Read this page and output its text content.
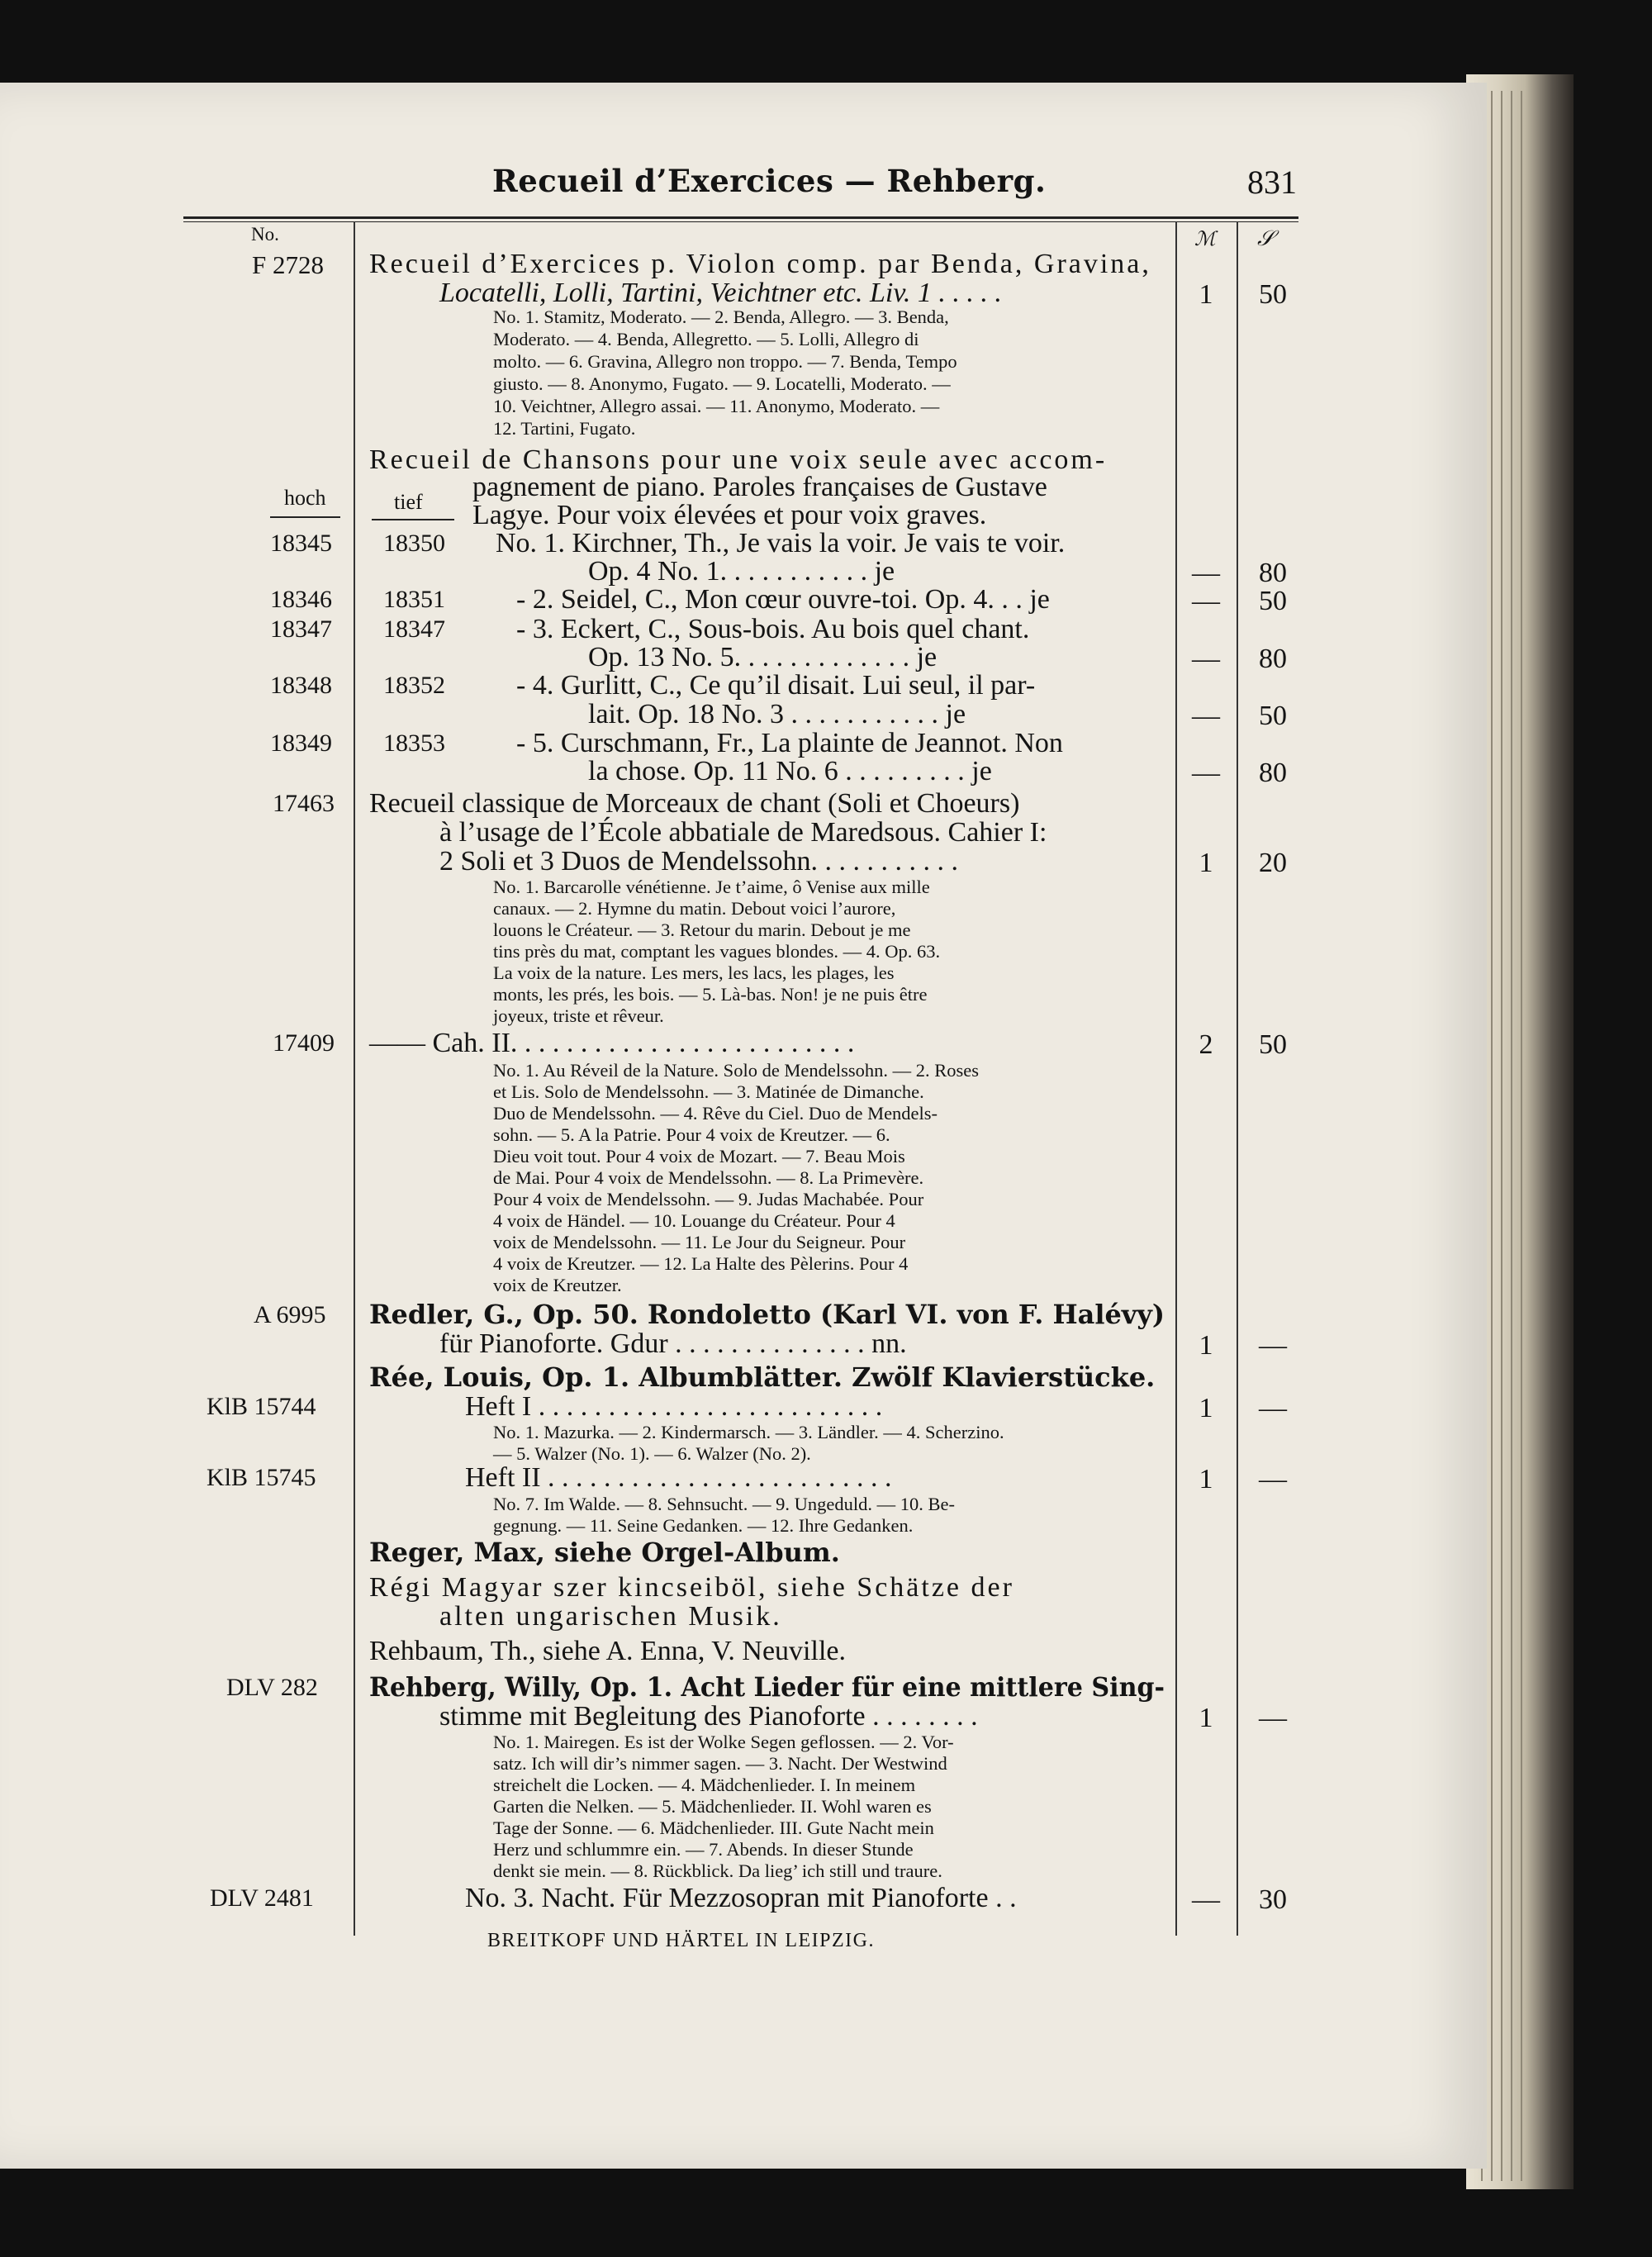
Recueil d’Exercices — Rehberg.	831
No.	ℳ 𝒮
F 2728 Recueil d’Exercices p. Violon comp. par Benda, Gravina,
Locatelli, Lolli, Tartini, Veichtner etc. Liv. 1 . . . . .	1	50
No. 1. Stamitz, Moderato. — 2. Benda, Allegro. — 3. Benda,
Moderato. — 4. Benda, Allegretto. — 5. Lolli, Allegro di
molto. — 6. Gravina, Allegro non troppo. — 7. Benda, Tempo
giusto. — 8. Anonymo, Fugato. — 9. Locatelli, Moderato. —
10. Veichtner, Allegro assai. — 11. Anonymo, Moderato. —
12. Tartini, Fugato.
Recueil de Chansons pour une voix seule avec accom-
pagnement de piano. Paroles françaises de Gustave
Lagye. Pour voix élevées et pour voix graves.
hoch	tief
18345 18350 No. 1. Kirchner, Th., Je vais la voir. Je vais te voir.
Op. 4 No. 1. . . . . . . . . . . je	—	80
18346 18351	- 2. Seidel, C., Mon cœur ouvre-toi. Op. 4. . . je	—	50
18347 18347	- 3. Eckert, C., Sous-bois. Au bois quel chant.
Op. 13 No. 5. . . . . . . . . . . . . je	—	80
18348 18352	- 4. Gurlitt, C., Ce qu’il disait. Lui seul, il par-
lait. Op. 18 No. 3 . . . . . . . . . . . je	—	50
18349 18353	- 5. Curschmann, Fr., La plainte de Jeannot. Non
la chose. Op. 11 No. 6 . . . . . . . . . je	—	80
17463 Recueil classique de Morceaux de chant (Soli et Choeurs)
à l’usage de l’École abbatiale de Maredsous. Cahier I:
2 Soli et 3 Duos de Mendelssohn. . . . . . . . . . .	1	20
No. 1. Barcarolle vénétienne. Je t’aime, ô Venise aux mille
canaux. — 2. Hymne du matin. Debout voici l’aurore,
louons le Créateur. — 3. Retour du marin. Debout je me
tins près du mat, comptant les vagues blondes. — 4. Op. 63.
La voix de la nature. Les mers, les lacs, les plages, les
monts, les prés, les bois. — 5. Là-bas. Non! je ne puis être
joyeux, triste et rêveur.
17409 —— Cah. II. . . . . . . . . . . . . . . . . . . . . . . . .	2	50
No. 1. Au Réveil de la Nature. Solo de Mendelssohn. — 2. Roses
et Lis. Solo de Mendelssohn. — 3. Matinée de Dimanche.
Duo de Mendelssohn. — 4. Rêve du Ciel. Duo de Mendels-
sohn. — 5. A la Patrie. Pour 4 voix de Kreutzer. — 6.
Dieu voit tout. Pour 4 voix de Mozart. — 7. Beau Mois
de Mai. Pour 4 voix de Mendelssohn. — 8. La Primevère.
Pour 4 voix de Mendelssohn. — 9. Judas Machabée. Pour
4 voix de Händel. — 10. Louange du Créateur. Pour 4
voix de Mendelssohn. — 11. Le Jour du Seigneur. Pour
4 voix de Kreutzer. — 12. La Halte des Pèlerins. Pour 4
voix de Kreutzer.
A 6995 Redler, G., Op. 50. Rondoletto (Karl VI. von F. Halévy)
für Pianoforte. Gdur . . . . . . . . . . . . . . nn.	1	—
Rée, Louis, Op. 1. Albumblätter. Zwölf Klavierstücke.
KlB 15744	Heft I . . . . . . . . . . . . . . . . . . . . . . . . .	1	—
No. 1. Mazurka. — 2. Kindermarsch. — 3. Ländler. — 4. Scherzino.
— 5. Walzer (No. 1). — 6. Walzer (No. 2).
KlB 15745	Heft II . . . . . . . . . . . . . . . . . . . . . . . . .	1	—
No. 7. Im Walde. — 8. Sehnsucht. — 9. Ungeduld. — 10. Be-
gegnung. — 11. Seine Gedanken. — 12. Ihre Gedanken.
Reger, Max, siehe Orgel-Album.
Régi Magyar szer kincseiböl, siehe Schätze der
alten ungarischen Musik.
Rehbaum, Th., siehe A. Enna, V. Neuville.
DLV 282 Rehberg, Willy, Op. 1. Acht Lieder für eine mittlere Sing-
stimme mit Begleitung des Pianoforte . . . . . . . .	1	—
No. 1. Mairegen. Es ist der Wolke Segen geflossen. — 2. Vor-
satz. Ich will dir’s nimmer sagen. — 3. Nacht. Der Westwind
streichelt die Locken. — 4. Mädchenlieder. I. In meinem
Garten die Nelken. — 5. Mädchenlieder. II. Wohl waren es
Tage der Sonne. — 6. Mädchenlieder. III. Gute Nacht mein
Herz und schlummre ein. — 7. Abends. In dieser Stunde
denkt sie mein. — 8. Rückblick. Da lieg’ ich still und traure.
DLV 2481	No. 3. Nacht. Für Mezzosopran mit Pianoforte . .	—	30
BREITKOPF UND HÄRTEL IN LEIPZIG.
